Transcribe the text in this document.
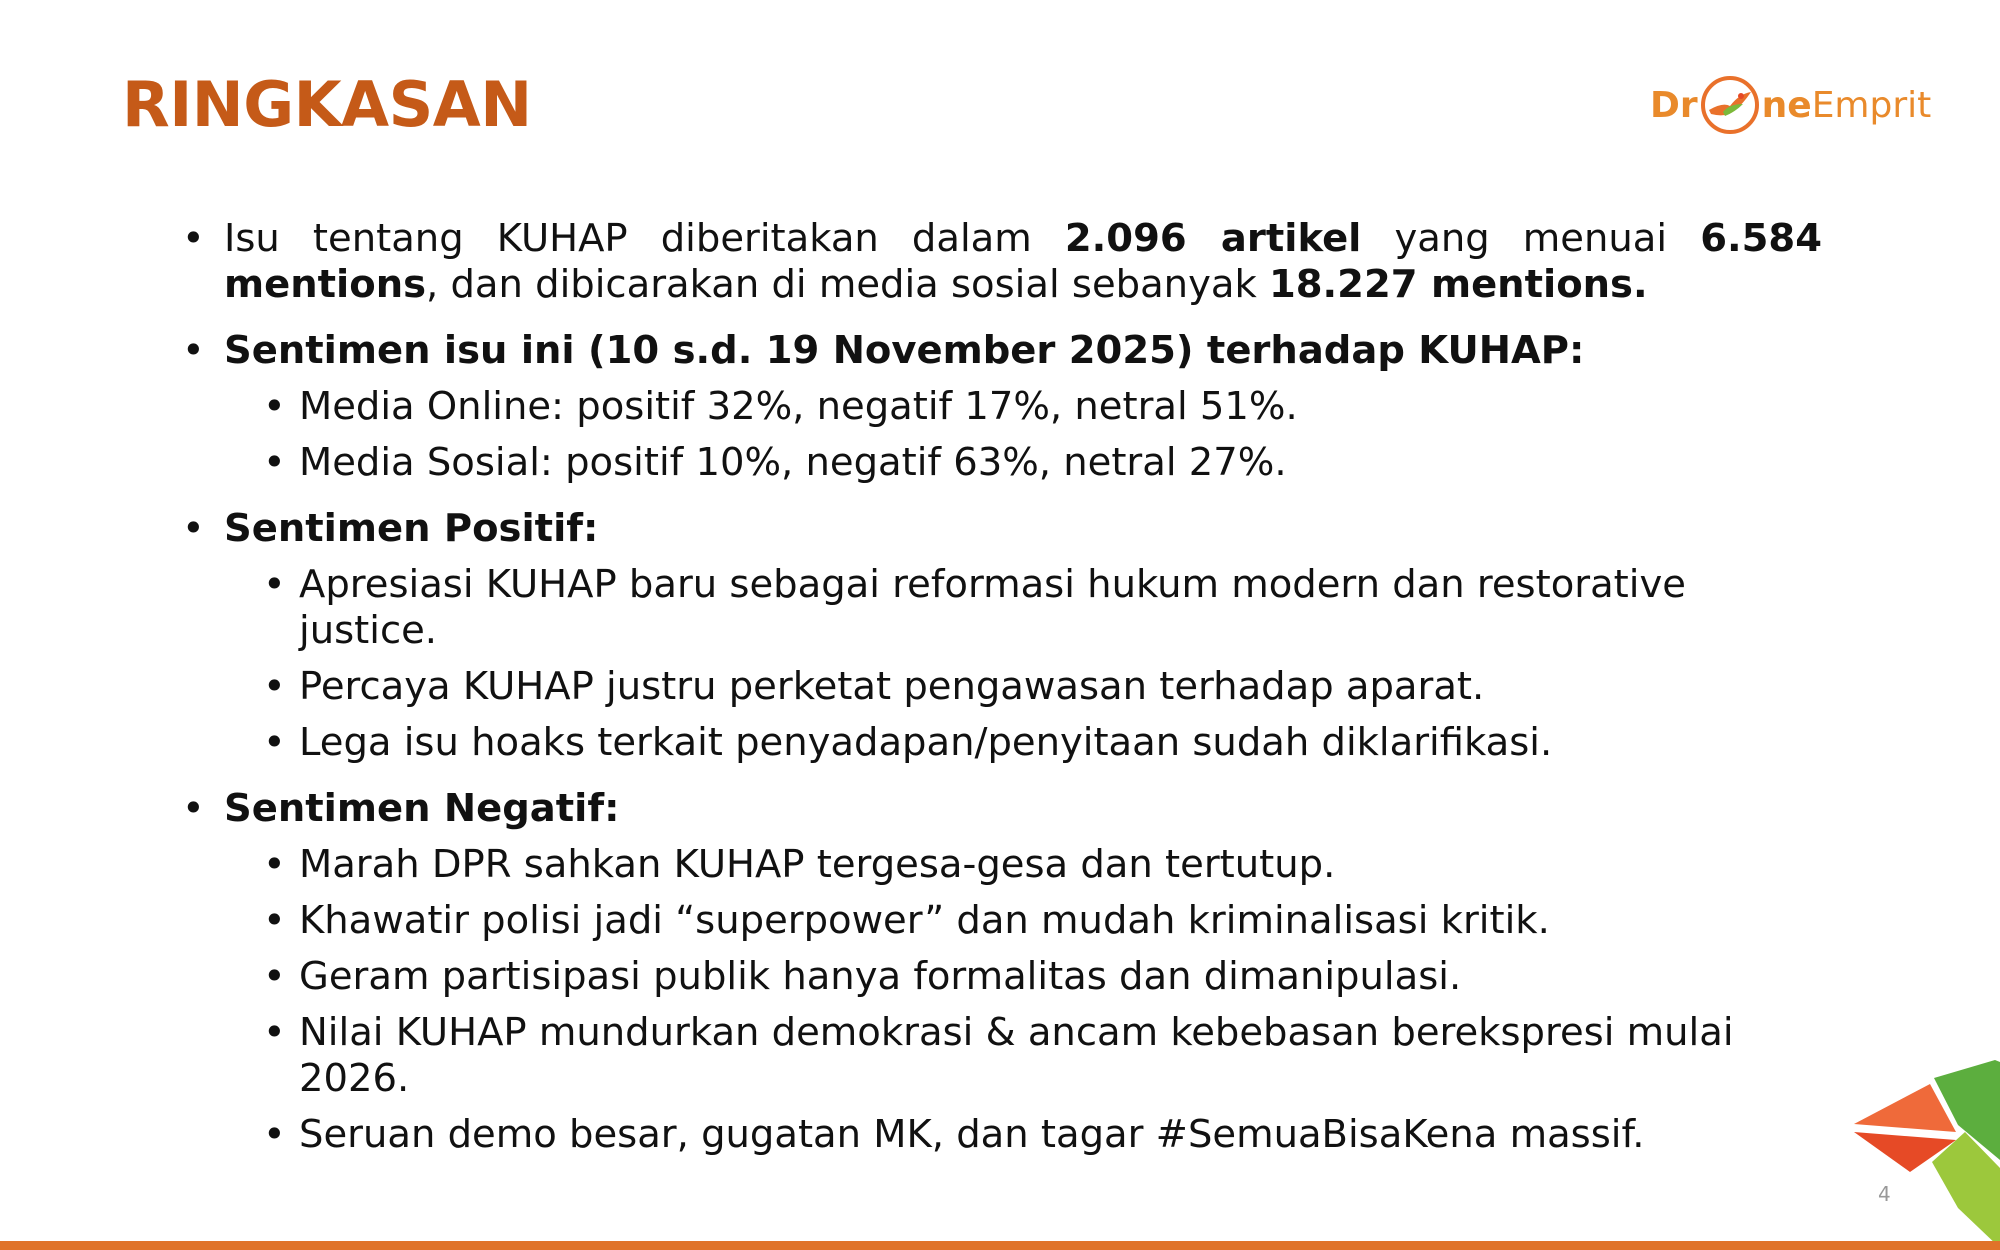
RINGKASAN	Dr ne Emprit
• Isu tentang KUHAP diberitakan dalam 2.096 artikel yang menuai 6.584 mentions, dan dibicarakan di media sosial sebanyak 18.227 mentions.
• Sentimen isu ini (10 s.d. 19 November 2025) terhadap KUHAP:
• Media Online: positif 32%, negatif 17%, netral 51%.
• Media Sosial: positif 10%, negatif 63%, netral 27%.
• Sentimen Positif:
• Apresiasi KUHAP baru sebagai reformasi hukum modern dan restorative justice.
• Percaya KUHAP justru perketat pengawasan terhadap aparat.
• Lega isu hoaks terkait penyadapan/penyitaan sudah diklarifikasi.
• Sentimen Negatif:
• Marah DPR sahkan KUHAP tergesa-gesa dan tertutup.
• Khawatir polisi jadi “superpower” dan mudah kriminalisasi kritik.
• Geram partisipasi publik hanya formalitas dan dimanipulasi.
• Nilai KUHAP mundurkan demokrasi & ancam kebebasan berekspresi mulai 2026.
• Seruan demo besar, gugatan MK, dan tagar #SemuaBisaKena massif.
4
